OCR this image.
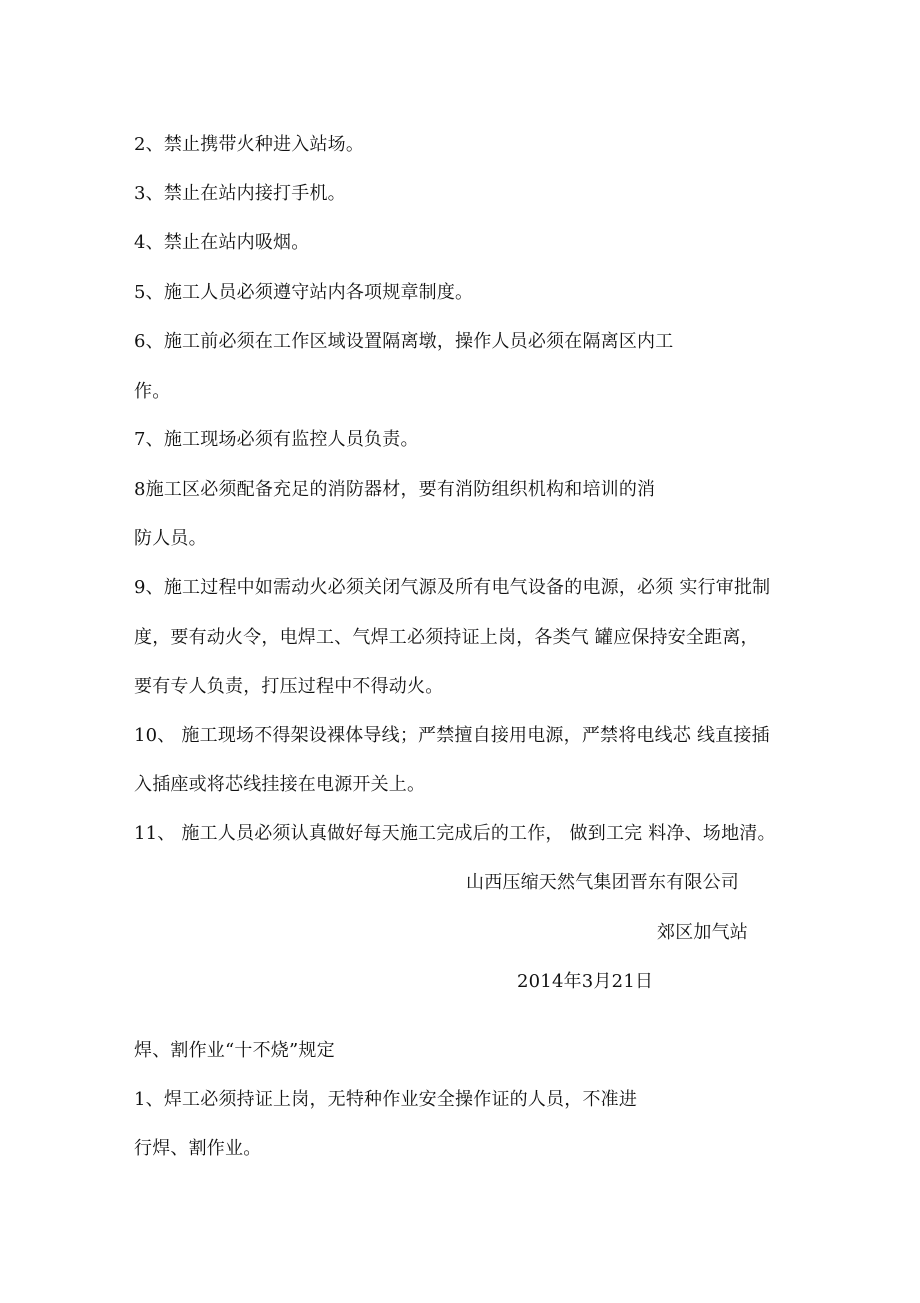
2、禁止携带火种进入站场。
3、禁止在站内接打手机。
4、禁止在站内吸烟。
5、施工人员必须遵守站内各项规章制度。
6、施工前必须在工作区域设置隔离墩，操作人员必须在隔离区内工
作。
7、施工现场必须有监控人员负责。
8施工区必须配备充足的消防器材，要有消防组织机构和培训的消
防人员。
9、施工过程中如需动火必须关闭气源及所有电气设备的电源，必须 实行审批制
度，要有动火令，电焊工、气焊工必须持证上岗，各类气 罐应保持安全距离，
要有专人负责，打压过程中不得动火。
10、 施工现场不得架设裸体导线；严禁擅自接用电源，严禁将电线芯 线直接插
入插座或将芯线挂接在电源开关上。
11、 施工人员必须认真做好每天施工完成后的工作， 做到工完 料净、场地清。
山西压缩天然气集团晋东有限公司
郊区加气站
2014年3月21日
焊、割作业“十不烧”规定
1、焊工必须持证上岗，无特种作业安全操作证的人员，不准进
行焊、割作业。
